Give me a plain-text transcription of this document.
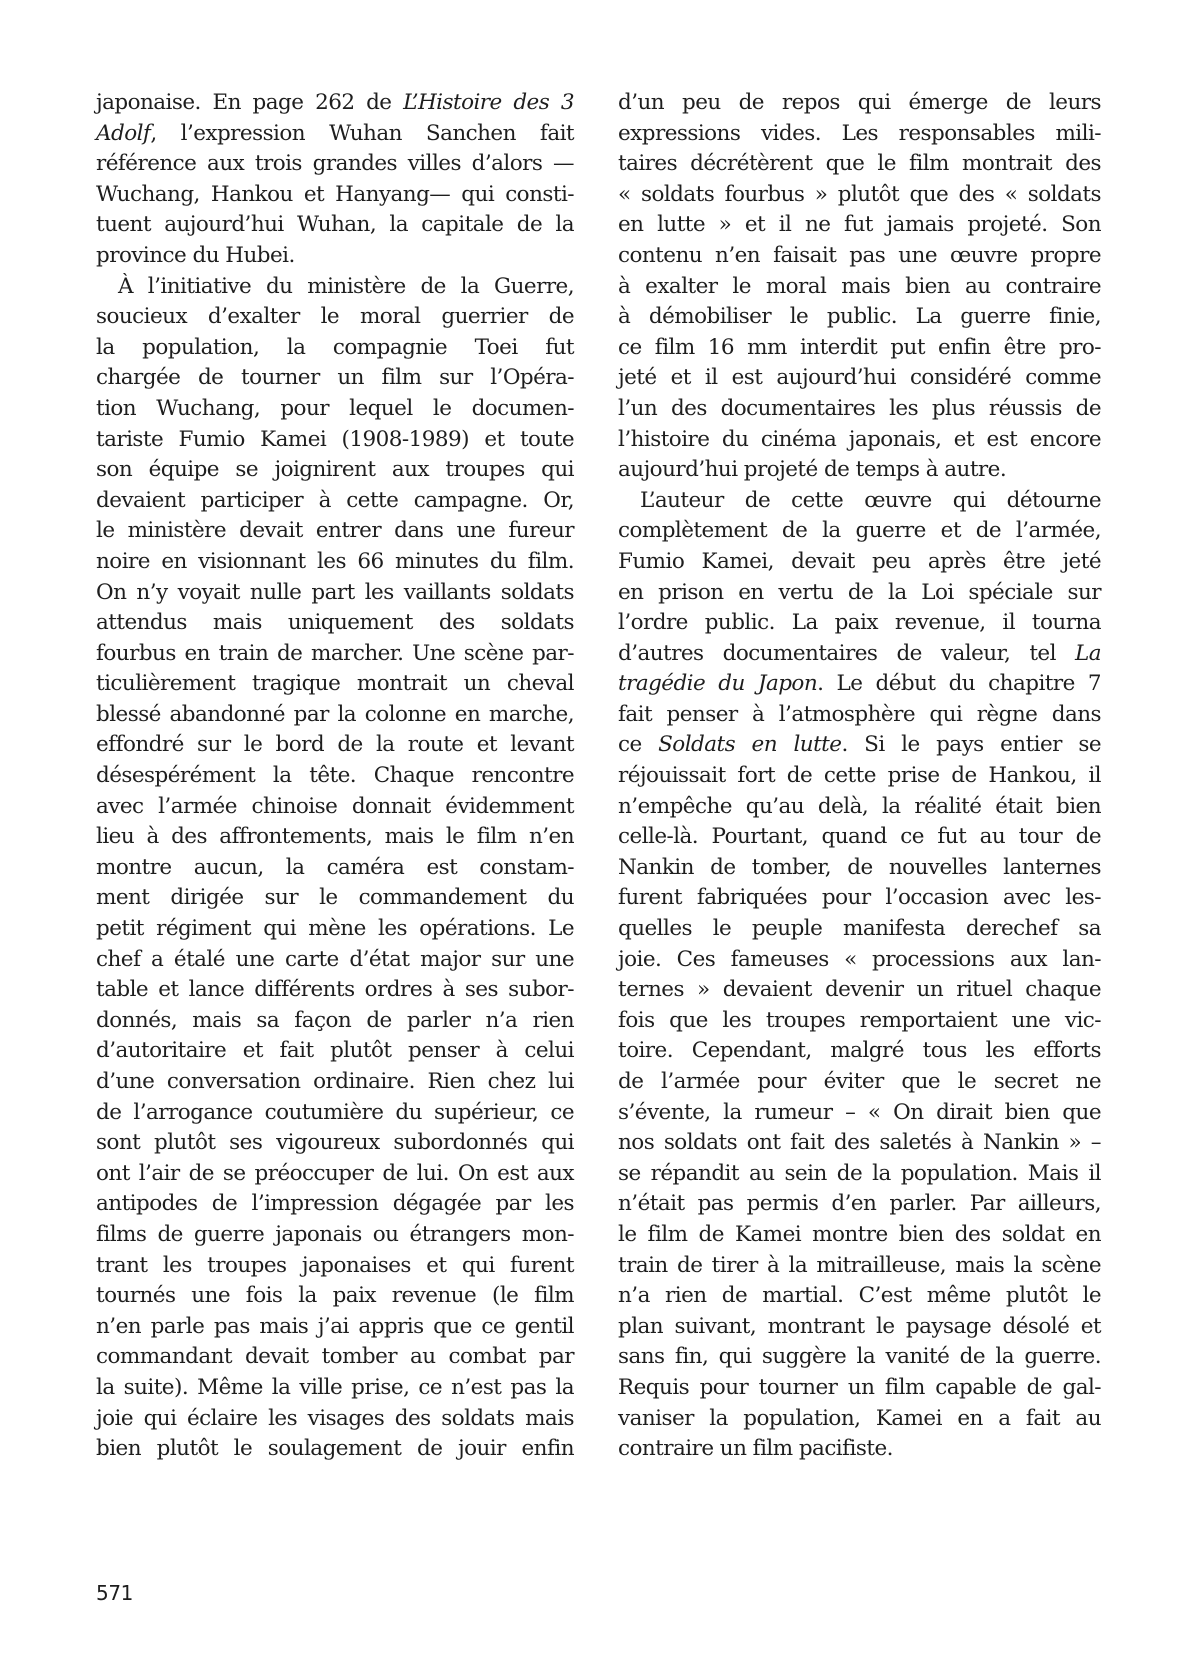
japonaise. En page 262 de L’Histoire des 3
Adolf, l’expression Wuhan Sanchen fait
référence aux trois grandes villes d’alors —
Wuchang, Hankou et Hanyang— qui consti-
tuent aujourd’hui Wuhan, la capitale de la
province du Hubei.
À l’initiative du ministère de la Guerre,
soucieux d’exalter le moral guerrier de
la population, la compagnie Toei fut
chargée de tourner un film sur l’Opéra-
tion Wuchang, pour lequel le documen-
tariste Fumio Kamei (1908-1989) et toute
son équipe se joignirent aux troupes qui
devaient participer à cette campagne. Or,
le ministère devait entrer dans une fureur
noire en visionnant les 66 minutes du film.
On n’y voyait nulle part les vaillants soldats
attendus mais uniquement des soldats
fourbus en train de marcher. Une scène par-
ticulièrement tragique montrait un cheval
blessé abandonné par la colonne en marche,
effondré sur le bord de la route et levant
désespérément la tête. Chaque rencontre
avec l’armée chinoise donnait évidemment
lieu à des affrontements, mais le film n’en
montre aucun, la caméra est constam-
ment dirigée sur le commandement du
petit régiment qui mène les opérations. Le
chef a étalé une carte d’état major sur une
table et lance différents ordres à ses subor-
donnés, mais sa façon de parler n’a rien
d’autoritaire et fait plutôt penser à celui
d’une conversation ordinaire. Rien chez lui
de l’arrogance coutumière du supérieur, ce
sont plutôt ses vigoureux subordonnés qui
ont l’air de se préoccuper de lui. On est aux
antipodes de l’impression dégagée par les
films de guerre japonais ou étrangers mon-
trant les troupes japonaises et qui furent
tournés une fois la paix revenue (le film
n’en parle pas mais j’ai appris que ce gentil
commandant devait tomber au combat par
la suite). Même la ville prise, ce n’est pas la
joie qui éclaire les visages des soldats mais
bien plutôt le soulagement de jouir enfin
d’un peu de repos qui émerge de leurs
expressions vides. Les responsables mili-
taires décrétèrent que le film montrait des
« soldats fourbus » plutôt que des « soldats
en lutte » et il ne fut jamais projeté. Son
contenu n’en faisait pas une œuvre propre
à exalter le moral mais bien au contraire
à démobiliser le public. La guerre finie,
ce film 16 mm interdit put enfin être pro-
jeté et il est aujourd’hui considéré comme
l’un des documentaires les plus réussis de
l’histoire du cinéma japonais, et est encore
aujourd’hui projeté de temps à autre.
L’auteur de cette œuvre qui détourne
complètement de la guerre et de l’armée,
Fumio Kamei, devait peu après être jeté
en prison en vertu de la Loi spéciale sur
l’ordre public. La paix revenue, il tourna
d’autres documentaires de valeur, tel La
tragédie du Japon. Le début du chapitre 7
fait penser à l’atmosphère qui règne dans
ce Soldats en lutte. Si le pays entier se
réjouissait fort de cette prise de Hankou, il
n’empêche qu’au delà, la réalité était bien
celle-là. Pourtant, quand ce fut au tour de
Nankin de tomber, de nouvelles lanternes
furent fabriquées pour l’occasion avec les-
quelles le peuple manifesta derechef sa
joie. Ces fameuses « processions aux lan-
ternes » devaient devenir un rituel chaque
fois que les troupes remportaient une vic-
toire. Cependant, malgré tous les efforts
de l’armée pour éviter que le secret ne
s’évente, la rumeur – « On dirait bien que
nos soldats ont fait des saletés à Nankin » –
se répandit au sein de la population. Mais il
n’était pas permis d’en parler. Par ailleurs,
le film de Kamei montre bien des soldat en
train de tirer à la mitrailleuse, mais la scène
n’a rien de martial. C’est même plutôt le
plan suivant, montrant le paysage désolé et
sans fin, qui suggère la vanité de la guerre.
Requis pour tourner un film capable de gal-
vaniser la population, Kamei en a fait au
contraire un film pacifiste.
571
